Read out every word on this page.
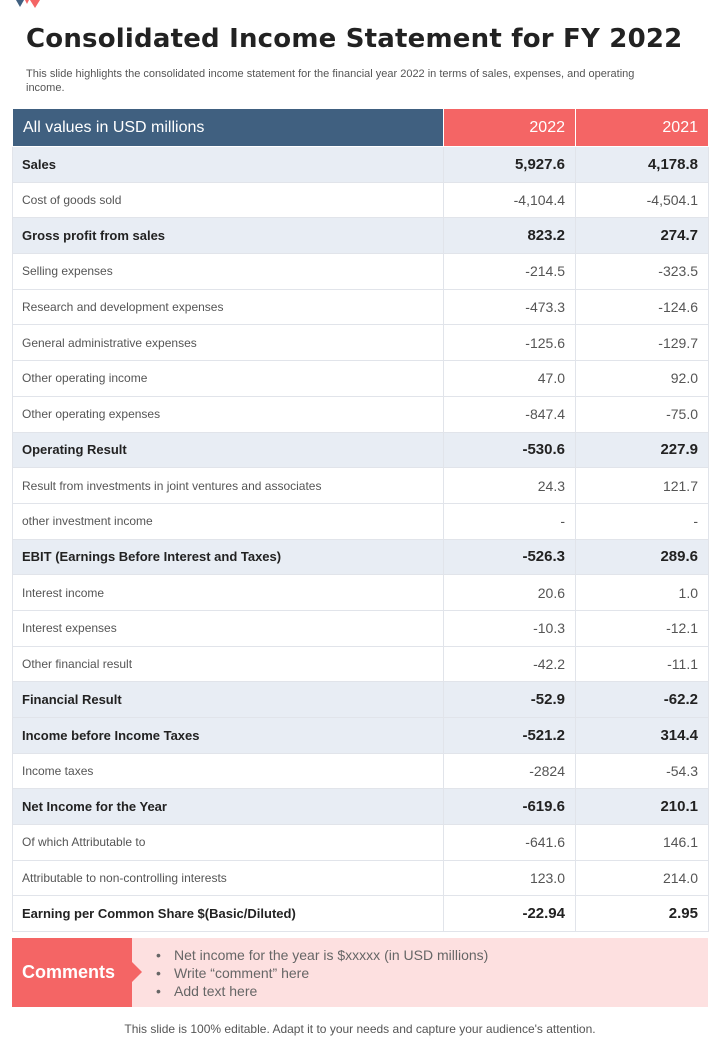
Consolidated Income Statement for FY 2022

This slide highlights the consolidated income statement for the financial year 2022 in terms of sales, expenses, and operating income.

All values in USD millions	2022	2021
Sales	5,927.6	4,178.8
Cost of goods sold	-4,104.4	-4,504.1
Gross profit from sales	823.2	274.7
Selling expenses	-214.5	-323.5
Research and development expenses	-473.3	-124.6
General administrative expenses	-125.6	-129.7
Other operating income	47.0	92.0
Other operating expenses	-847.4	-75.0
Operating Result	-530.6	227.9
Result from investments in joint ventures and associates	24.3	121.7
other investment income	-	-
EBIT (Earnings Before Interest and Taxes)	-526.3	289.6
Interest income	20.6	1.0
Interest expenses	-10.3	-12.1
Other financial result	-42.2	-11.1
Financial Result	-52.9	-62.2
Income before Income Taxes	-521.2	314.4
Income taxes	-2824	-54.3
Net Income for the Year	-619.6	210.1
Of which Attributable to	-641.6	146.1
Attributable to non-controlling interests	123.0	214.0
Earning per Common Share $(Basic/Diluted)	-22.94	2.95
Comments
• Net income for the year is $xxxxx (in USD millions)
• Write “comment” here
• Add text here
This slide is 100% editable. Adapt it to your needs and capture your audience's attention.
